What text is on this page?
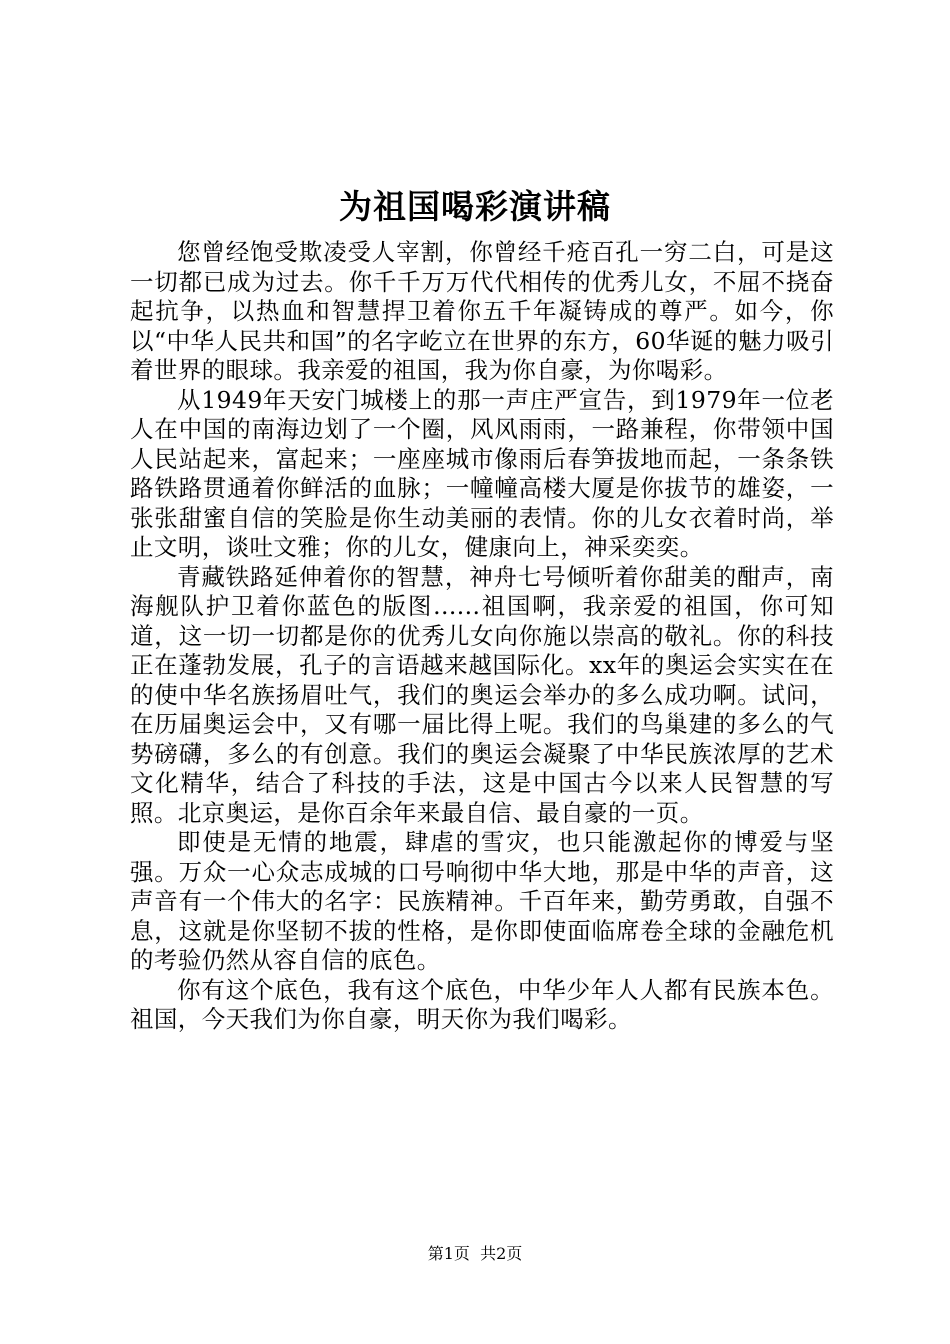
为祖国喝彩演讲稿

您曾经饱受欺凌受人宰割，你曾经千疮百孔一穷二白，可是这一切都已成为过去。你千千万万代代相传的优秀儿女，不屈不挠奋起抗争，以热血和智慧捍卫着你五千年凝铸成的尊严。如今，你以“中华人民共和国”的名字屹立在世界的东方，60华诞的魅力吸引着世界的眼球。我亲爱的祖国，我为你自豪，为你喝彩。

从1949年天安门城楼上的那一声庄严宣告，到1979年一位老人在中国的南海边划了一个圈，风风雨雨，一路兼程，你带领中国人民站起来，富起来；一座座城市像雨后春笋拔地而起，一条条铁路铁路贯通着你鲜活的血脉；一幢幢高楼大厦是你拔节的雄姿，一张张甜蜜自信的笑脸是你生动美丽的表情。你的儿女衣着时尚，举止文明，谈吐文雅；你的儿女，健康向上，神采奕奕。

青藏铁路延伸着你的智慧，神舟七号倾听着你甜美的酣声，南海舰队护卫着你蓝色的版图......祖国啊，我亲爱的祖国，你可知道，这一切一切都是你的优秀儿女向你施以崇高的敬礼。你的科技正在蓬勃发展，孔子的言语越来越国际化。xx年的奥运会实实在在的使中华名族扬眉吐气，我们的奥运会举办的多么成功啊。试问，在历届奥运会中，又有哪一届比得上呢。我们的鸟巢建的多么的气势磅礴，多么的有创意。我们的奥运会凝聚了中华民族浓厚的艺术文化精华，结合了科技的手法，这是中国古今以来人民智慧的写照。北京奥运，是你百余年来最自信、最自豪的一页。

即使是无情的地震，肆虐的雪灾，也只能激起你的博爱与坚强。万众一心众志成城的口号响彻中华大地，那是中华的声音，这声音有一个伟大的名字：民族精神。千百年来，勤劳勇敢，自强不息，这就是你坚韧不拔的性格，是你即使面临席卷全球的金融危机的考验仍然从容自信的底色。

你有这个底色，我有这个底色，中华少年人人都有民族本色。祖国，今天我们为你自豪，明天你为我们喝彩。

第1页  共2页
